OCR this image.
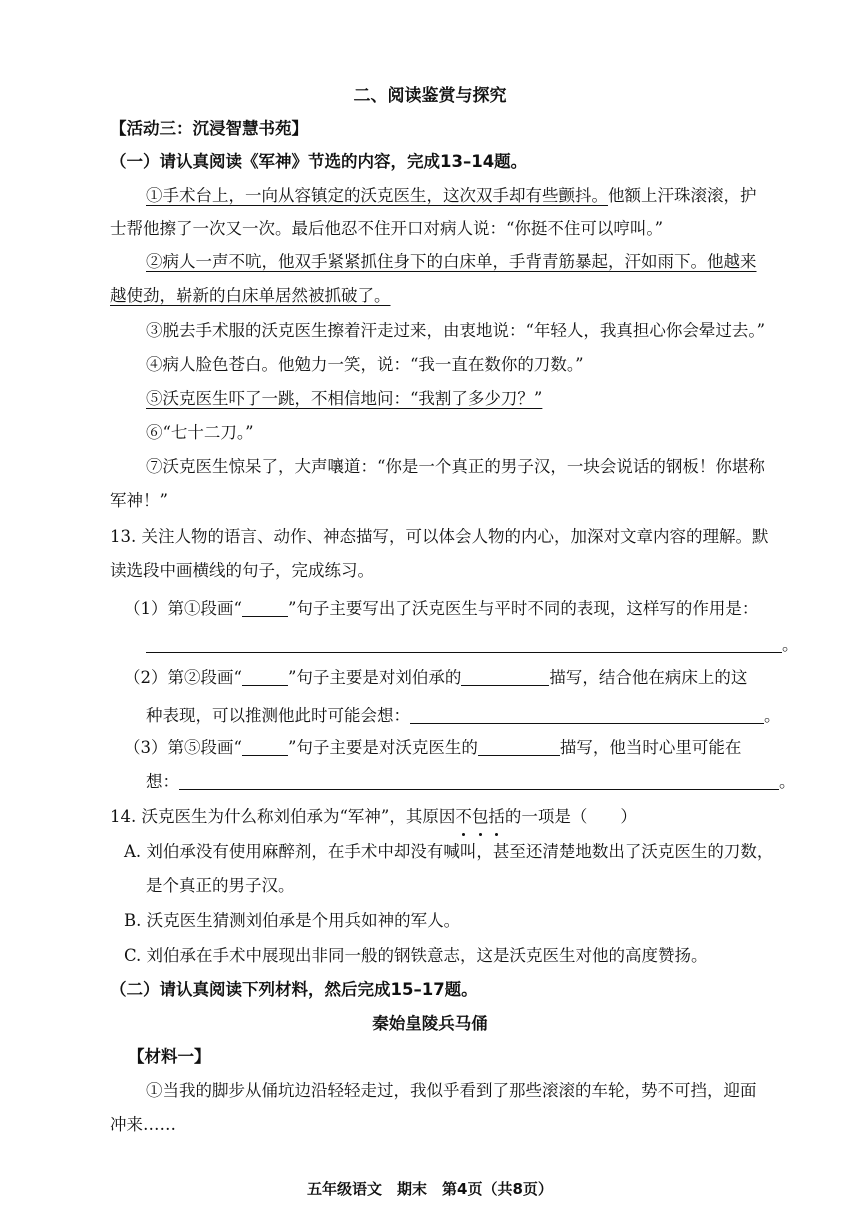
二、阅读鉴赏与探究
【活动三：沉浸智慧书苑】
（一）请认真阅读《军神》节选的内容，完成13–14题。
①手术台上，一向从容镇定的沃克医生，这次双手却有些颤抖。他额上汗珠滚滚，护
士帮他擦了一次又一次。最后他忍不住开口对病人说：“你挺不住可以哼叫。”
②病人一声不吭，他双手紧紧抓住身下的白床单，手背青筋暴起，汗如雨下。他越来
越使劲，崭新的白床单居然被抓破了。
③脱去手术服的沃克医生擦着汗走过来，由衷地说：“年轻人，我真担心你会晕过去。”
④病人脸色苍白。他勉力一笑，说：“我一直在数你的刀数。”
⑤沃克医生吓了一跳，不相信地问：“我割了多少刀？”
⑥“七十二刀。”
⑦沃克医生惊呆了，大声嚷道：“你是一个真正的男子汉，一块会说话的钢板！你堪称
军神！”
13. 关注人物的语言、动作、神态描写，可以体会人物的内心，加深对文章内容的理解。默
读选段中画横线的句子，完成练习。
（1）第①段画“	”句子主要写出了沃克医生与平时不同的表现，这样写的作用是：
。
（2）第②段画“	”句子主要是对刘伯承的	描写，结合他在病床上的这
种表现，可以推测他此时可能会想：	。
（3）第⑤段画“	”句子主要是对沃克医生的	描写，他当时心里可能在
想：	。
14. 沃克医生为什么称刘伯承为“军神”，其原因不包括的一项是（　　）
A. 刘伯承没有使用麻醉剂，在手术中却没有喊叫，甚至还清楚地数出了沃克医生的刀数，
是个真正的男子汉。
B. 沃克医生猜测刘伯承是个用兵如神的军人。
C. 刘伯承在手术中展现出非同一般的钢铁意志，这是沃克医生对他的高度赞扬。
（二）请认真阅读下列材料，然后完成15–17题。
秦始皇陵兵马俑
【材料一】
①当我的脚步从俑坑边沿轻轻走过，我似乎看到了那些滚滚的车轮，势不可挡，迎面
冲来……
五年级语文　期末　第4页（共8页）
